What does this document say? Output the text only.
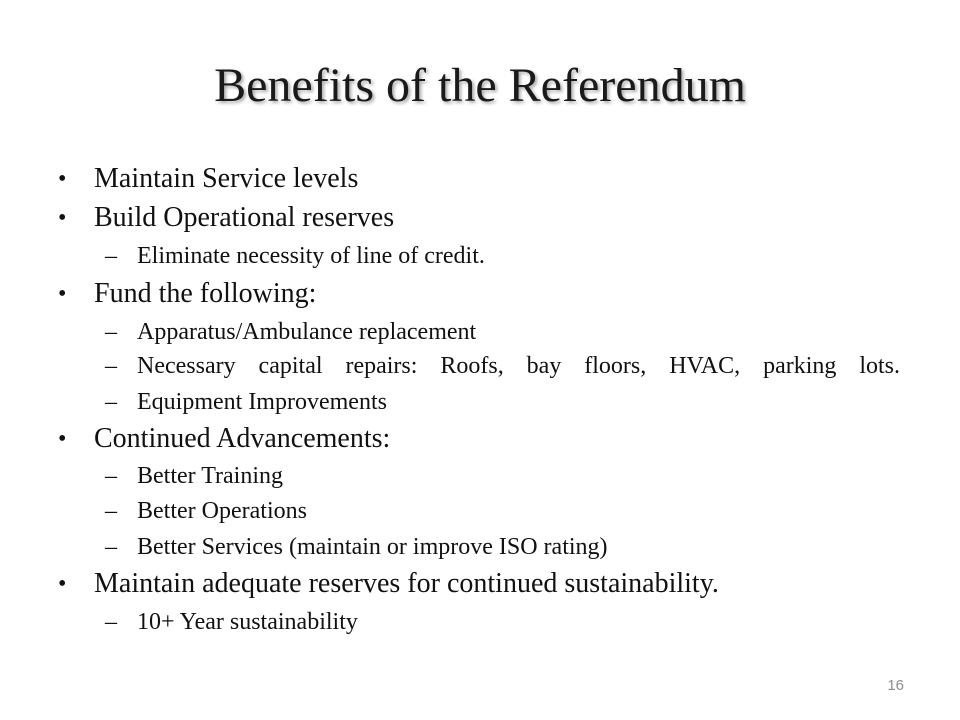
Benefits of the Referendum
• Maintain Service levels
• Build Operational reserves
– Eliminate necessity of line of credit.
• Fund the following:
– Apparatus/Ambulance replacement
– Necessary capital repairs: Roofs, bay floors, HVAC, parking lots.
– Equipment Improvements
• Continued Advancements:
– Better Training
– Better Operations
– Better Services (maintain or improve ISO rating)
• Maintain adequate reserves for continued sustainability.
– 10+ Year sustainability
16
